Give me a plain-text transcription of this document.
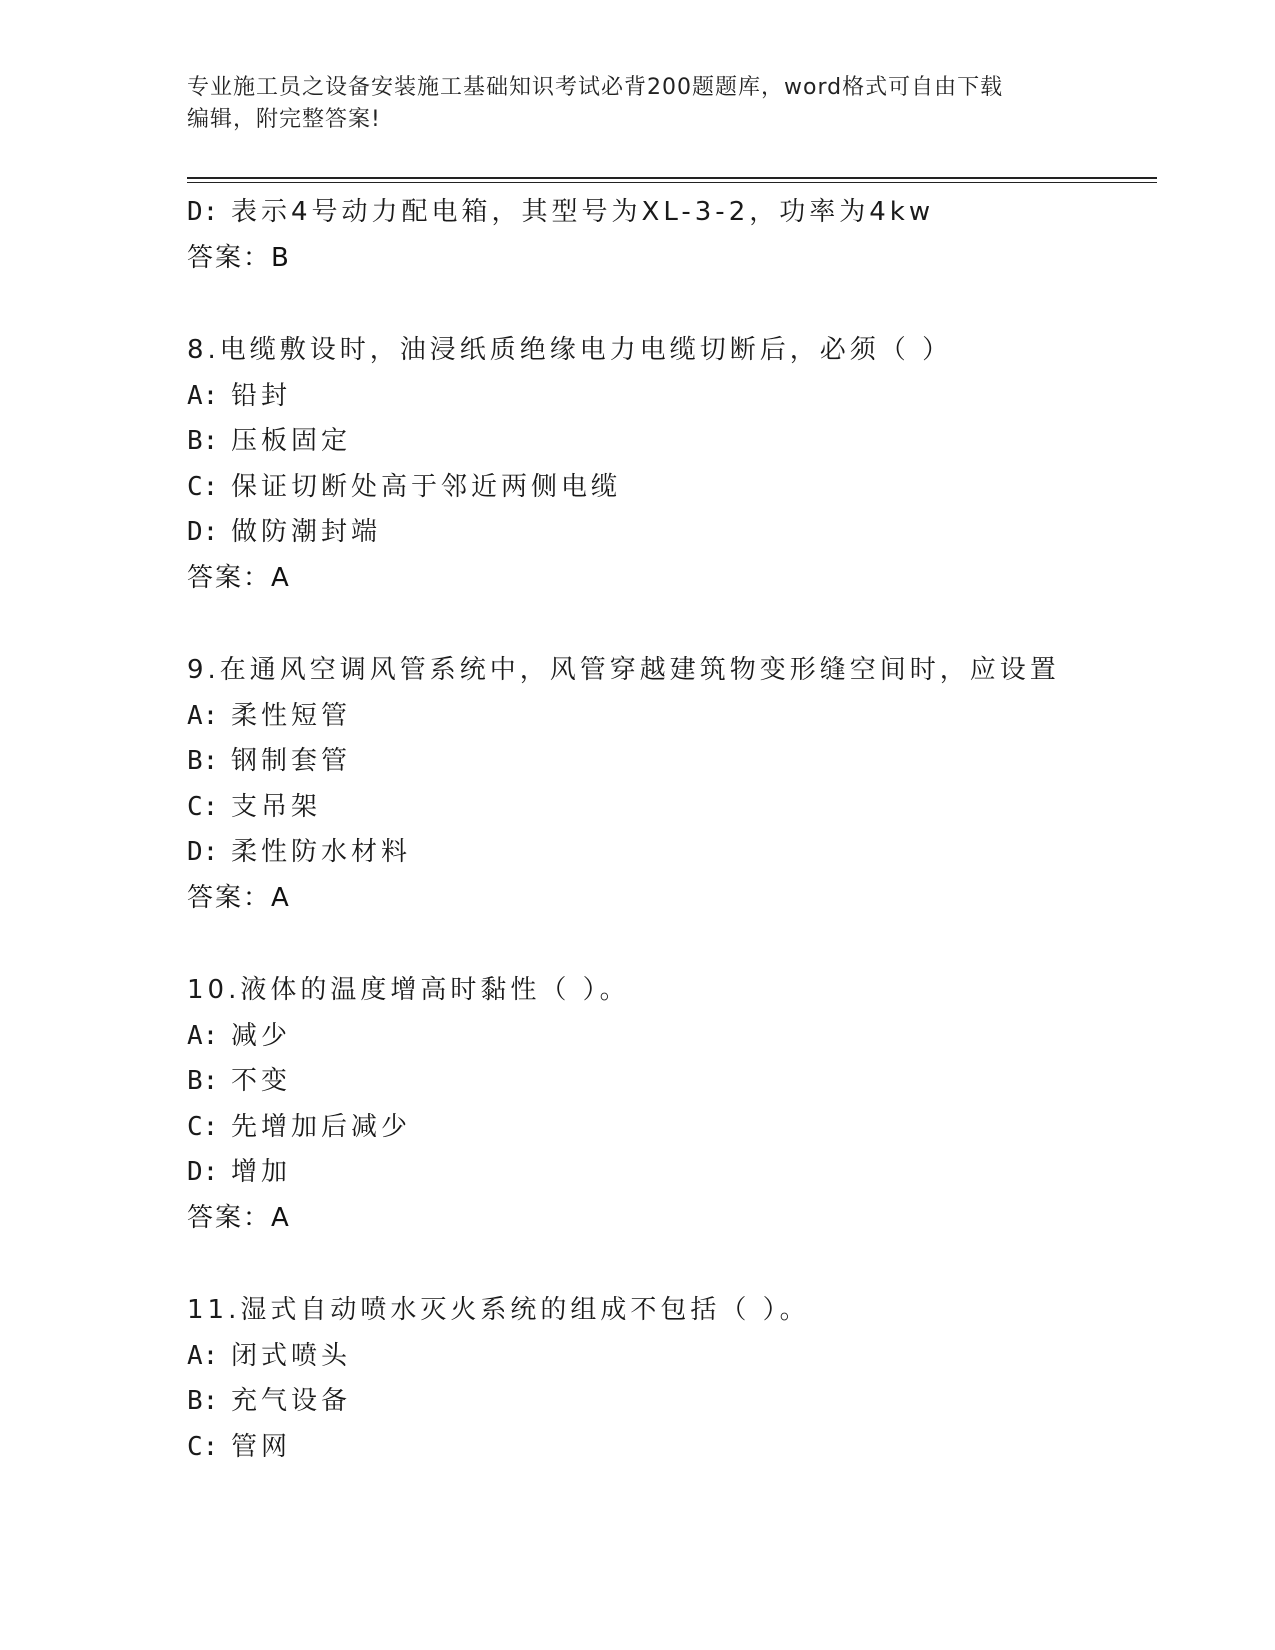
专业施工员之设备安装施工基础知识考试必背200题题库，word格式可自由下载
编辑，附完整答案!
D: 表示4号动力配电箱，其型号为XL-3-2，功率为4kw
答案：B
8.电缆敷设时，油浸纸质绝缘电力电缆切断后，必须（ ）
A: 铅封
B: 压板固定
C: 保证切断处高于邻近两侧电缆
D: 做防潮封端
答案：A
9.在通风空调风管系统中，风管穿越建筑物变形缝空间时，应设置
A: 柔性短管
B: 钢制套管
C: 支吊架
D: 柔性防水材料
答案：A
10.液体的温度增高时黏性（ ）。
A: 减少
B: 不变
C: 先增加后减少
D: 增加
答案：A
11.湿式自动喷水灭火系统的组成不包括（ ）。
A: 闭式喷头
B: 充气设备
C: 管网
